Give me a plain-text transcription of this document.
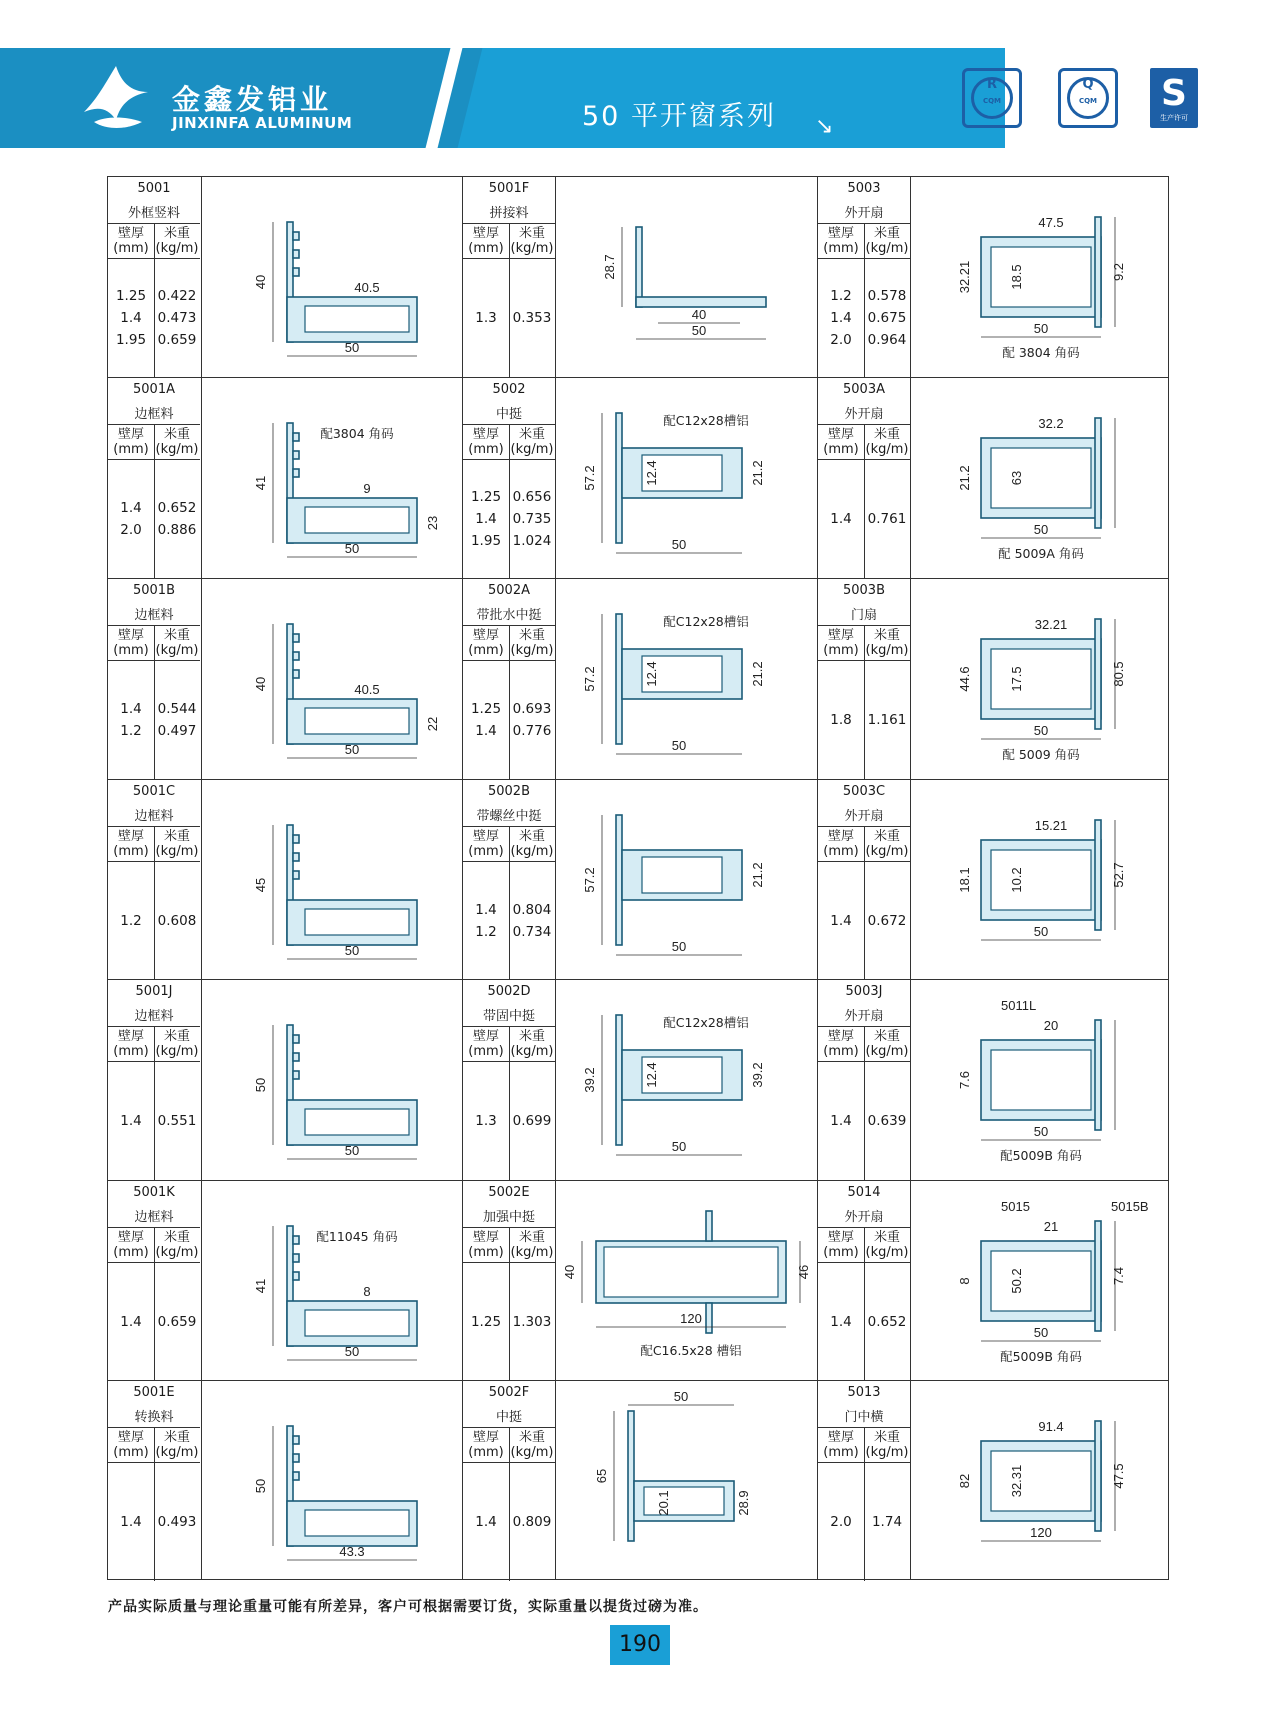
金鑫发铝业
JINXINFA ALUMINUM	50 平开窗系列 ↘
R
CQM
Q
CQM	S
生产许可
5001
外框竖料
壁厚
(mm)
米重
(kg/m)
1.25 0.422
1.4	0.473
1.95 0.659
40
50
40.5
5001F
拼接料
壁厚
(mm)
米重
(kg/m)
1.3	0.353
28.7
40
50
5003
外开扇
壁厚
(mm)
米重
(kg/m)
1.2	0.578
1.4	0.675
2.0	0.964
50
47.5
32.21	18.5	9.2
配 3804 角码
5001A
边框料
壁厚
(mm)
米重
(kg/m)
1.4	0.652
2.0	0.886
41
50
9
23
配3804 角码
5002
中挺
壁厚
(mm)
米重
(kg/m)
1.25 0.656
1.4	0.735
1.95 1.024
57.2
50
12.4	21.2
配C12x28槽铝
5003A
外开扇
壁厚
(mm)
米重
(kg/m)
1.4	0.761
50
32.2
21.2	63
配 5009A 角码
5001B
边框料
壁厚
(mm)
米重
(kg/m)
1.4	0.544
1.2	0.497
40
50
40.5
22
5002A
带批水中挺
壁厚
(mm)
米重
(kg/m)
1.25 0.693
1.4	0.776
57.2
50
12.4	21.2
配C12x28槽铝
5003B
门扇
壁厚
(mm)
米重
(kg/m)
1.8	1.161
50
32.21
44.6	17.5	80.5
配 5009 角码
5001C
边框料
壁厚
(mm)
米重
(kg/m)
1.2	0.608
45
50
5002B
带螺丝中挺
壁厚
(mm)
米重
(kg/m)
1.4	0.804
1.2	0.734
57.2
50
21.2
5003C
外开扇
壁厚
(mm)
米重
(kg/m)
1.4	0.672
50
15.21
18.1	10.2	52.7
5001J
边框料
壁厚
(mm)
米重
(kg/m)
1.4	0.551
50
50
5002D
带固中挺
壁厚
(mm)
米重
(kg/m)
1.3	0.699
39.2
50
12.4	39.2
配C12x28槽铝
5003J
外开扇
壁厚
(mm)
米重
(kg/m)
1.4	0.639
50
20
7.6
5011L
配5009B 角码
5001K
边框料
壁厚
(mm)
米重
(kg/m)
1.4	0.659
41
50
8
配11045 角码
5002E
加强中挺
壁厚
(mm)
米重
(kg/m)
1.25 1.303
40	46
120
配C16.5x28 槽铝
5014
外开扇
壁厚
(mm)
米重
(kg/m)
1.4	0.652
50
21
8	50.2	7.4
5015	5015B
配5009B 角码
5001E
转换料
壁厚
(mm)
米重
(kg/m)
1.4	0.493
50
43.3
5002F
中挺
壁厚
(mm)
米重
(kg/m)
1.4	0.809
50
65
20.1	28.9
5013
门中横
壁厚
(mm)
米重
(kg/m)
2.0	1.74
120
91.4
82	32.31	47.5
产品实际质量与理论重量可能有所差异，客户可根据需要订货，实际重量以提货过磅为准。
190
